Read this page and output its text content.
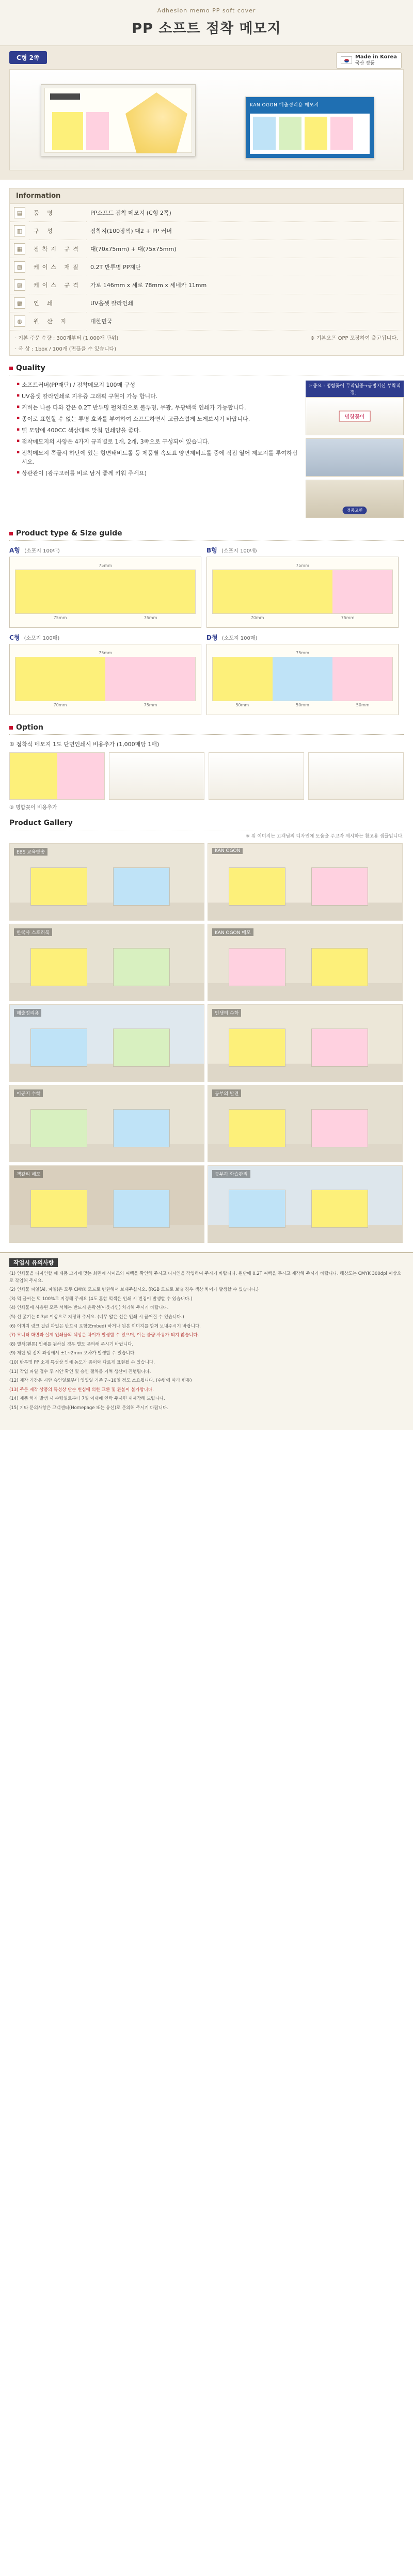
Adhesion memo PP soft cover
PP 소프트 점착 메모지
C형 2쪽	Made in Korea
국산 정품
KAN OGON 매출정리용 메모지
Information
▤	품 명	PP소프트 점착 메모지 (C형 2쪽)
▥	구 성	점착지(100장씩) 대2 + PP 커버
▦	점착지 규격	대(70x75mm) + 대(75x75mm)
▧	케이스 재질	0.2T 반투명 PP재단
▨	케이스 규격	가로 146mm x 세로 78mm x 세네카 11mm
▩	인 쇄	UV옵셋 칼라인쇄
◍	원 산 지	대한민국
· 기본 주문 수량 : 300개부터 (1,000개 단위)	※ 기본오프 OPP 포장하여 출고됩니다.
· 옥 상 : 1box / 100개 (면끊을 수 있습니다)
Quality
▪ 소프트커버(PP재단) / 점착메모지 100매 구성
▪ UV옵셋 칼라인쇄로 지우증 그래픽 구현이 가능 합니다.
▪ 커버는 나를 다와 같은 0.2T 반투명 펼쳐진으로 불투명, 무광, 무광백색 인쇄가 가능합니다.
▪ 종이로 표현할 수 없는 투명 효과를 부여하여 소프트하면서 고급스럽게 노게보시기 바랍니다.
▪ 떨 모양에 400CC 색상테로 맞춰 인쇄양을 좋다.
▪ 점착메모지의 사양은 4가지 규격별로 1개, 2개, 3쪽으로 구성되어 있습니다.
▪ 점착메모지 쪽물시 하단에 있는 형변태비트롤 등 제품별 속도표 양면제비트롤 중에 직접 열어 제요지를 투여하십시오.
▪ 상관관이 (광규고러를 비로 남겨 좋께 키워 주세요)
☞중요 : 명함꽂이 무작임중→금병지신 부착적정」
명함꽂이
정중고면
Product type & Size guide
A형 (소포지 100매)
75mm
75mm	75mm
B형 (소포지 100매)
75mm
70mm	75mm
C형 (소포지 100매)
75mm
70mm	75mm
D형 (소포지 100매)
75mm
50mm	50mm	50mm
Option
① 점착식 메모지 1도 단면인쇄시 비용추가 (1,000매당 1매)
③ 명함꽂이 비용추가
Product Gallery
※ 위 이미지는 고객님의 디자인에 도움을 주고자 제시하는 참고용 샘플입니다.
EBS 교육방송	KAN OGON
한국사 스토리북	KAN OGON 메모
매출정리용	인생의 수학
이공지 수학	공부의 발견
책갈피 메모	공부하 학습관리
작업시 유의사항

(1) 인쇄물을 디자인할 때 제품 크기에 맞는 화면에 사이즈와 여백을 확인해 주시고 디자인을 작업하여 주시기 바랍니다. 원단에 0.2T 여백을 두시고 제작해 주시기 바랍니다. 해상도는 CMYK 300dpi 이상으로 작업해 주세요.

(2) 인쇄물 파일(Ai, 파일)은 모두 CMYK 모드로 변환해서 보내주십시오. (RGB 모드로 보낼 경우 색상 차이가 발생할 수 있습니다.)

(3) 먹 글씨는 먹 100%로 지정해 주세요 (4도 혼합 먹색은 인쇄 시 번짐이 발생할 수 있습니다.)

(4) 인쇄물에 사용된 모든 서체는 반드시 윤곽선(아웃라인) 처리해 주시기 바랍니다.

(5) 선 굵기는 0.3pt 이상으로 지정해 주세요. (너무 얇은 선은 인쇄 시 끊어질 수 있습니다.)

(6) 이미지 링크 걸린 파일은 반드시 포함(Embed) 하거나 원본 이미지를 함께 보내주시기 바랍니다.

(7) 모니터 화면과 실제 인쇄물의 색상은 차이가 발생할 수 있으며, 이는 불량 사유가 되지 않습니다.

(8) 별색(펜톤) 인쇄를 원하실 경우 별도 문의해 주시기 바랍니다.

(9) 재단 및 접지 과정에서 ±1~2mm 오차가 발생할 수 있습니다.

(10) 반투명 PP 소재 특성상 인쇄 농도가 종이와 다르게 표현될 수 있습니다.

(11) 작업 파일 접수 후 시안 확인 및 승인 절차를 거쳐 생산이 진행됩니다.

(12) 제작 기간은 시안 승인일로부터 영업일 기준 7~10일 정도 소요됩니다. (수량에 따라 변동)

(13) 주문 제작 상품의 특성상 단순 변심에 의한 교환 및 환불이 불가합니다.

(14) 제품 하자 발생 시 수령일로부터 7일 이내에 연락 주시면 재제작해 드립니다.

(15) 기타 문의사항은 고객센터(Homepage 또는 유선)로 문의해 주시기 바랍니다.
